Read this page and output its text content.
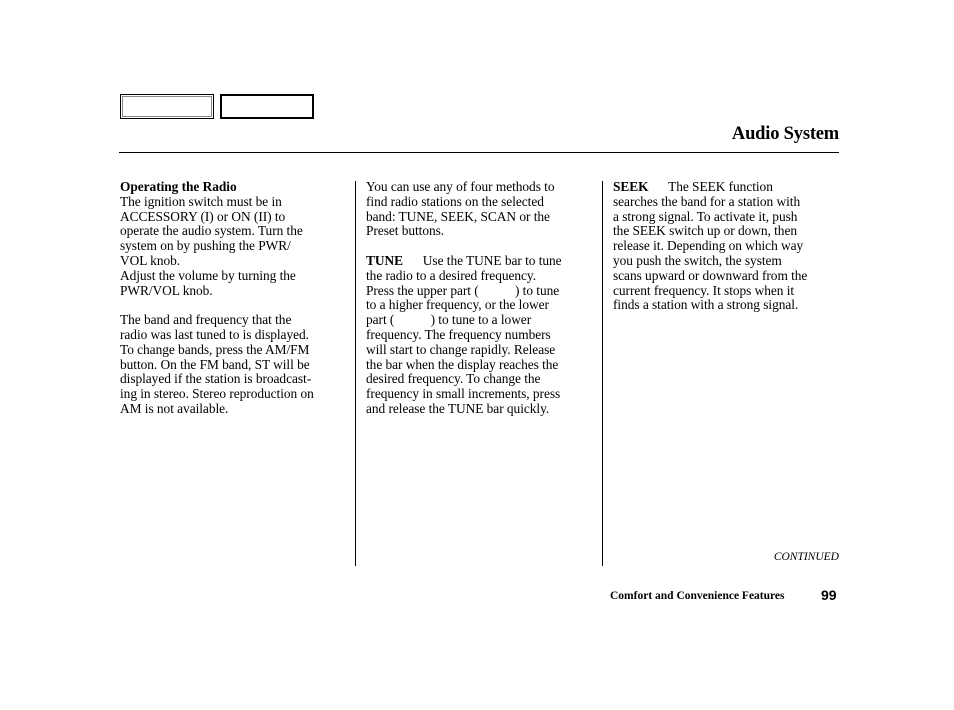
Audio System
Operating the Radio
The ignition switch must be in
ACCESSORY (I) or ON (II) to
operate the audio system. Turn the
system on by pushing the PWR/
VOL knob.
Adjust the volume by turning the
PWR/VOL knob.
The band and frequency that the
radio was last tuned to is displayed.
To change bands, press the AM/FM
button. On the FM band, ST will be
displayed if the station is broadcast-
ing in stereo. Stereo reproduction on
AM is not available.
You can use any of four methods to
find radio stations on the selected
band: TUNE, SEEK, SCAN or the
Preset buttons.
TUNE      Use the TUNE bar to tune
the radio to a desired frequency.
Press the upper part (           ) to tune
to a higher frequency, or the lower
part (           ) to tune to a lower
frequency. The frequency numbers
will start to change rapidly. Release
the bar when the display reaches the
desired frequency. To change the
frequency in small increments, press
and release the TUNE bar quickly.
SEEK      The SEEK function
searches the band for a station with
a strong signal. To activate it, push
the SEEK switch up or down, then
release it. Depending on which way
you push the switch, the system
scans upward or downward from the
current frequency. It stops when it
finds a station with a strong signal.
CONTINUED
Comfort and Convenience Features	99
